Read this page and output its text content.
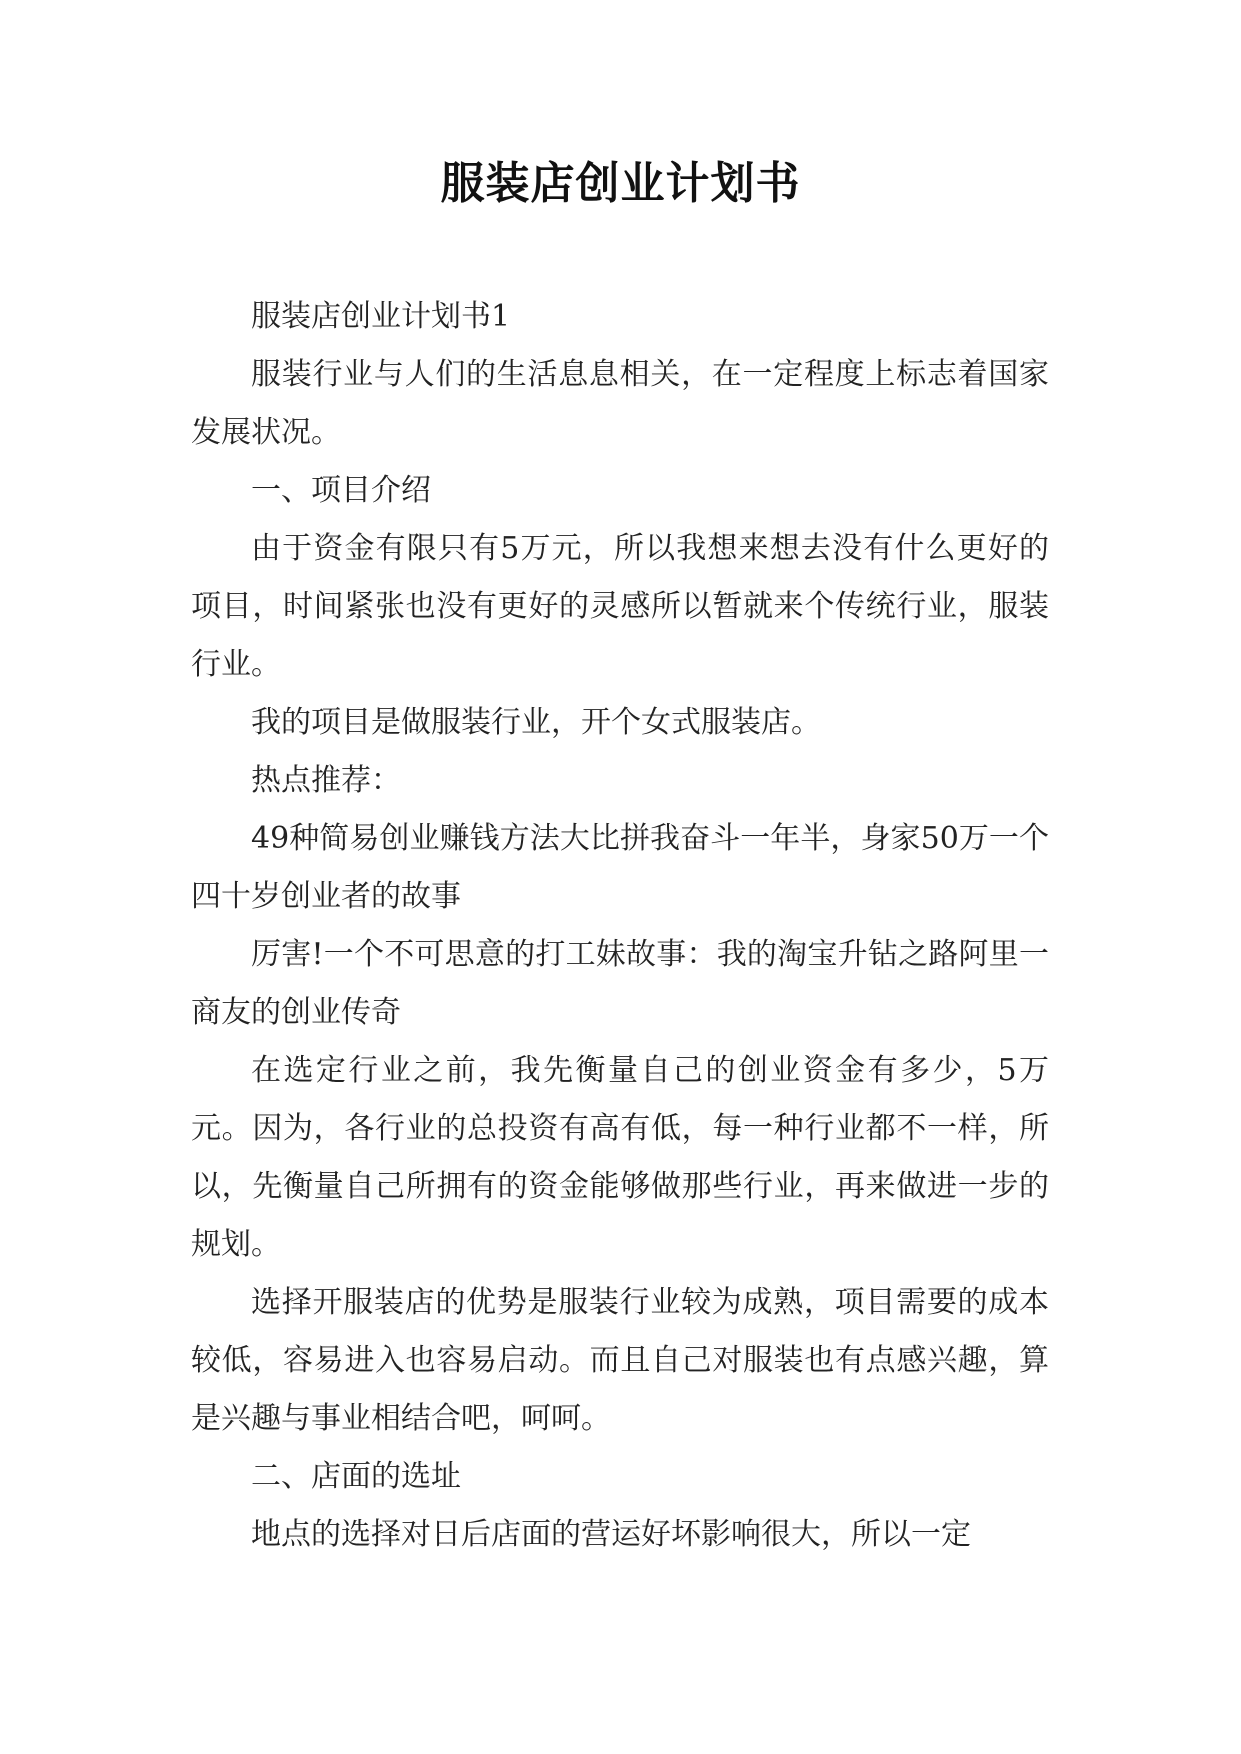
服装店创业计划书

服装店创业计划书1

服装行业与人们的生活息息相关，在一定程度上标志着国家发展状况。

一、项目介绍

由于资金有限只有5万元，所以我想来想去没有什么更好的项目，时间紧张也没有更好的灵感所以暂就来个传统行业，服装行业。

我的项目是做服装行业，开个女式服装店。

热点推荐：

49种简易创业赚钱方法大比拼我奋斗一年半，身家50万一个四十岁创业者的故事

厉害!一个不可思意的打工妹故事：我的淘宝升钻之路阿里一商友的创业传奇

在选定行业之前，我先衡量自己的创业资金有多少，5万元。因为，各行业的总投资有高有低，每一种行业都不一样，所以，先衡量自己所拥有的资金能够做那些行业，再来做进一步的规划。

选择开服装店的优势是服装行业较为成熟，项目需要的成本较低，容易进入也容易启动。而且自己对服装也有点感兴趣，算是兴趣与事业相结合吧，呵呵。

二、店面的选址

地点的选择对日后店面的营运好坏影响很大，所以一定
